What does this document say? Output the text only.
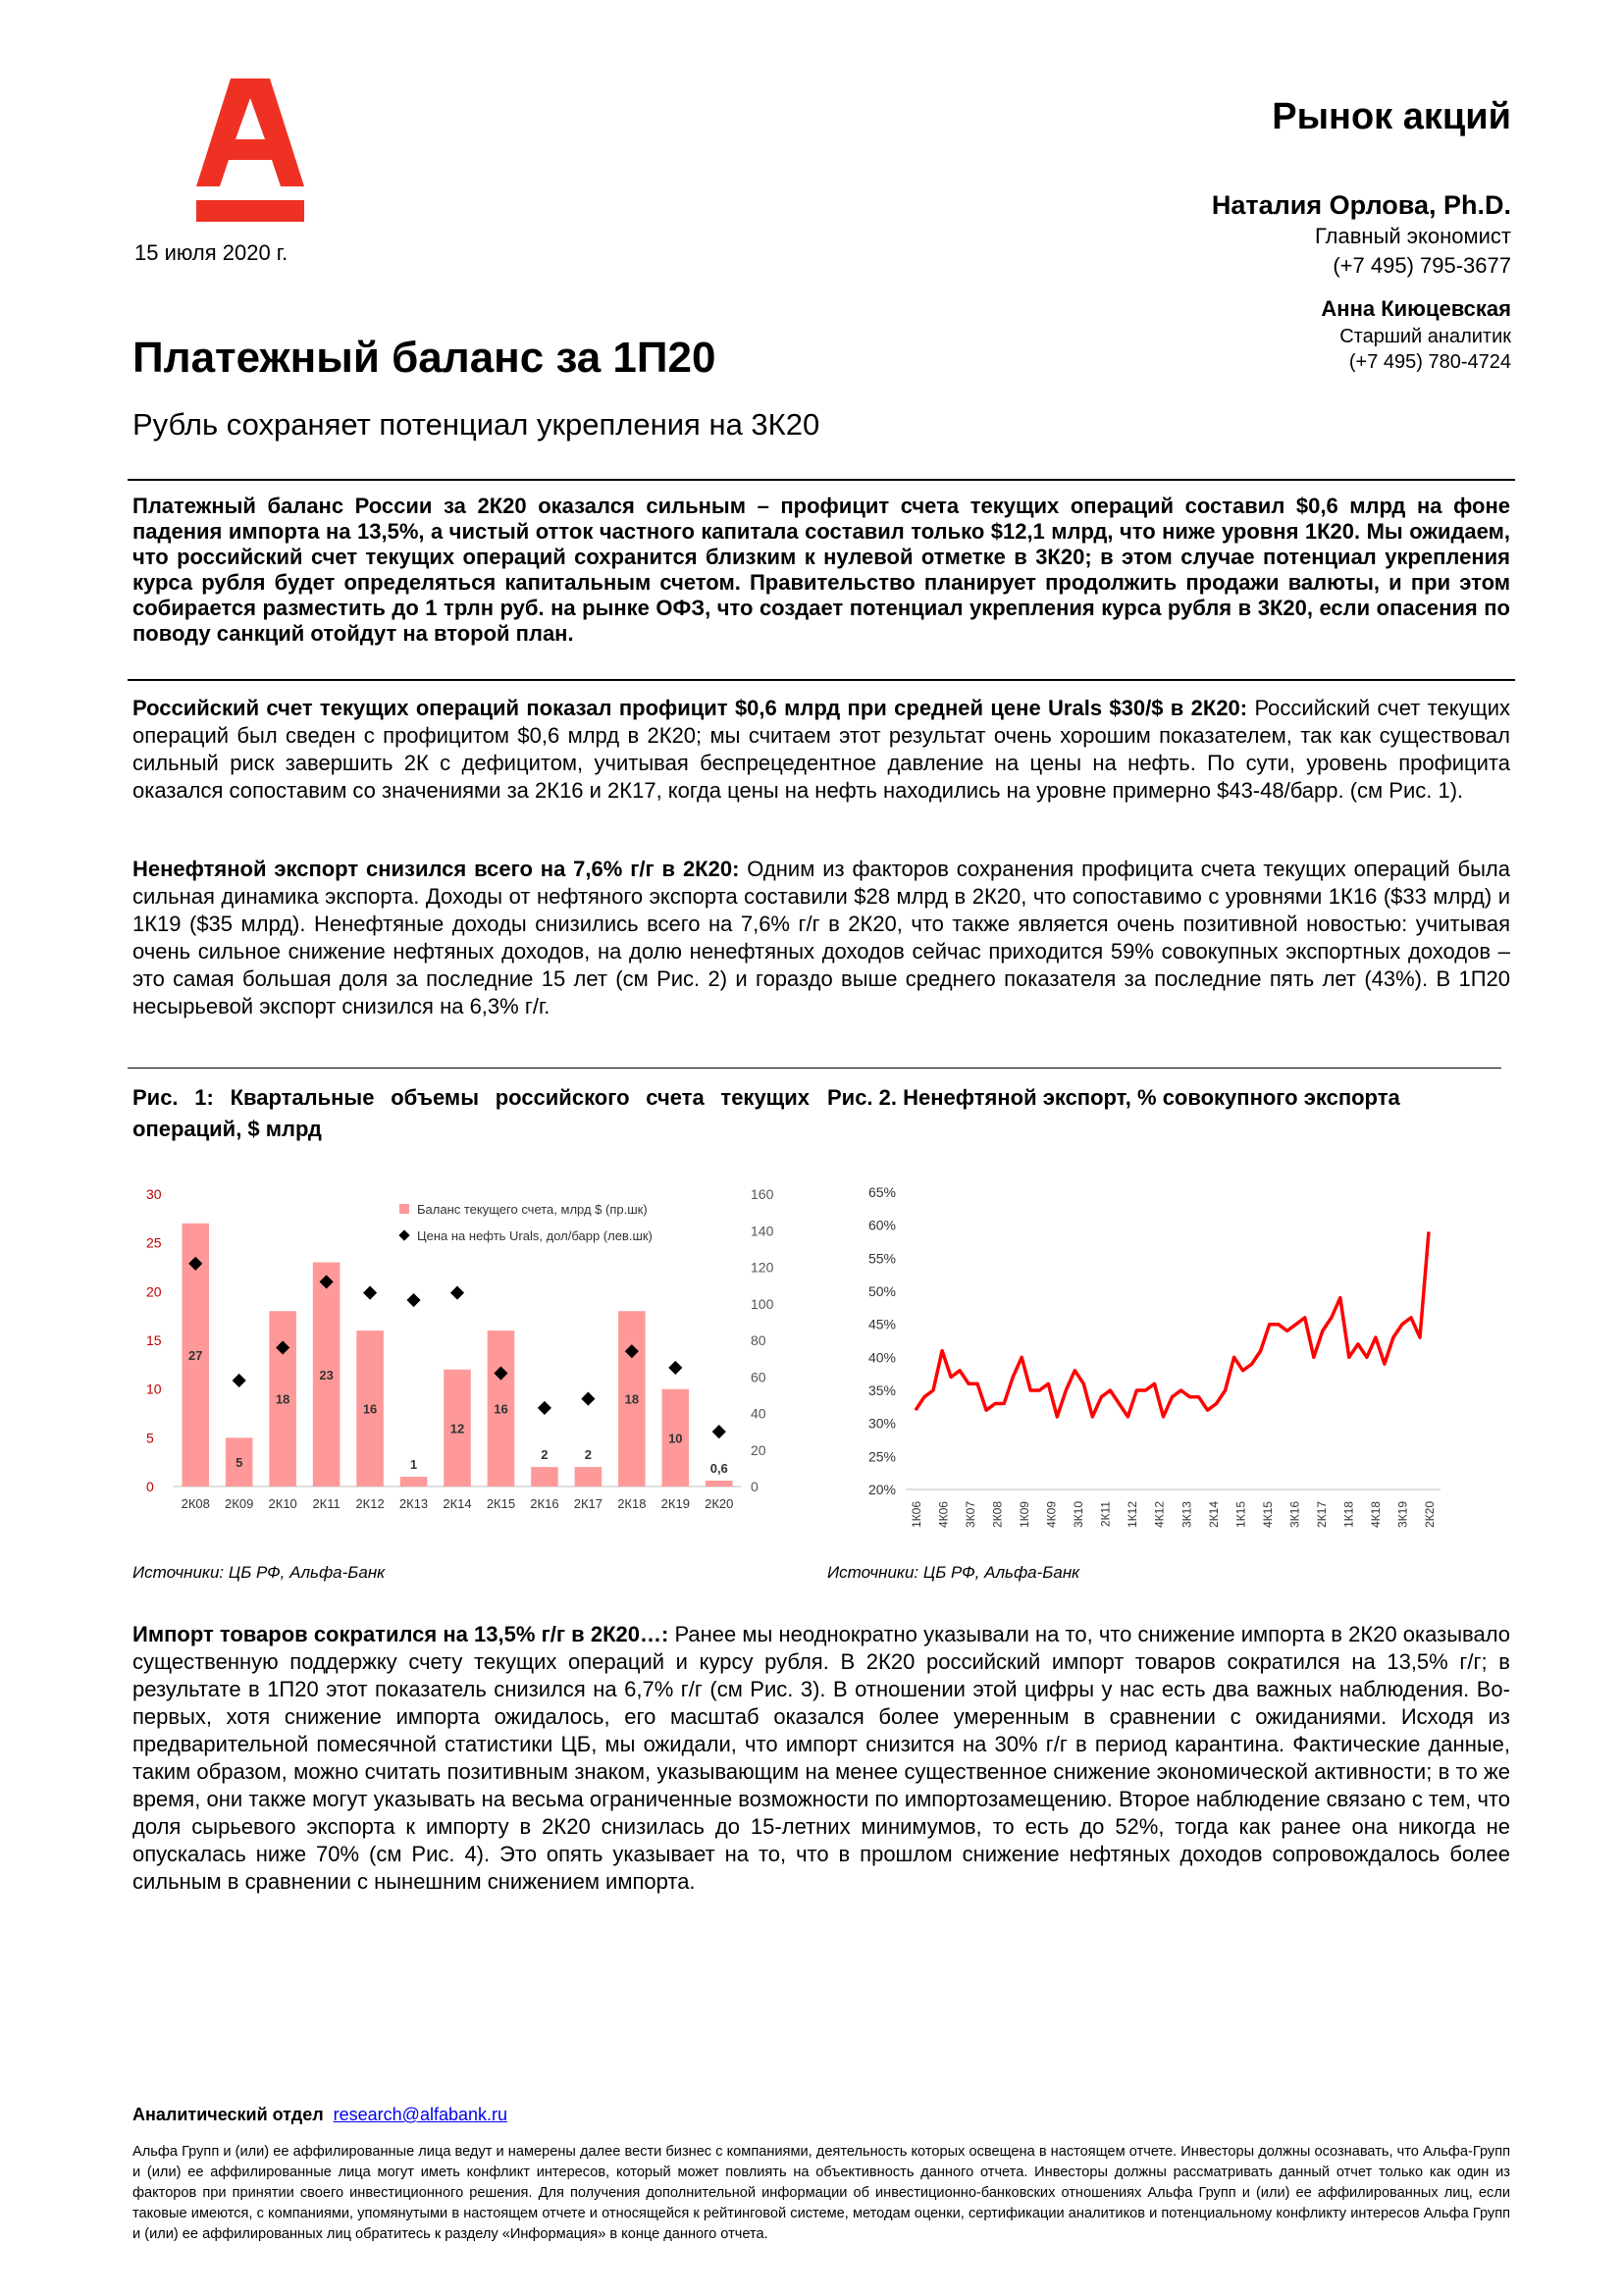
15 июля 2020 г.
Рынок акций
Наталия Орлова, Ph.D.
Главный экономист
(+7 495) 795-3677
Анна Киюцевская
Старший аналитик
(+7 495) 780-4724
Платежный баланс за 1П20
Рубль сохраняет потенциал укрепления на 3К20
Платежный баланс России за 2К20 оказался сильным – профицит счета текущих операций составил $0,6 млрд на фоне падения импорта на 13,5%, а чистый отток частного капитала составил только $12,1 млрд, что ниже уровня 1К20. Мы ожидаем, что российский счет текущих операций сохранится близким к нулевой отметке в 3К20; в этом случае потенциал укрепления курса рубля будет определяться капитальным счетом. Правительство планирует продолжить продажи валюты, и при этом собирается разместить до 1 трлн руб. на рынке ОФЗ, что создает потенциал укрепления курса рубля в 3К20, если опасения по поводу санкций отойдут на второй план.
Российский счет текущих операций показал профицит $0,6 млрд при средней цене Urals $30/$ в 2К20: Российский счет текущих операций был сведен с профицитом $0,6 млрд в 2К20; мы считаем этот результат очень хорошим показателем, так как существовал сильный риск завершить 2К с дефицитом, учитывая беспрецедентное давление на цены на нефть. По сути, уровень профицита оказался сопоставим со значениями за 2К16 и 2К17, когда цены на нефть находились на уровне примерно $43-48/барр. (см Рис. 1).
Ненефтяной экспорт снизился всего на 7,6% г/г в 2К20: Одним из факторов сохранения профицита счета текущих операций была сильная динамика экспорта. Доходы от нефтяного экспорта составили $28 млрд в 2К20, что сопоставимо с уровнями 1К16 ($33 млрд) и 1К19 ($35 млрд). Ненефтяные доходы снизились всего на 7,6% г/г в 2К20, что также является очень позитивной новостью: учитывая очень сильное снижение нефтяных доходов, на долю ненефтяных доходов сейчас приходится 59% совокупных экспортных доходов – это самая большая доля за последние 15 лет (см Рис. 2) и гораздо выше среднего показателя за последние пять лет (43%). В 1П20 несырьевой экспорт снизился на 6,3% г/г.
Рис. 1: Квартальные объемы российского счета текущих операций, $ млрд
Рис. 2. Ненефтяной экспорт, % совокупного экспорта
0
5
10
15
20
25
30
0
20
40
60
80
100
120
140
160
27
2К08
5
2К09
18
2К10
23
2К11
16
2К12
1
2К13
12
2К14
16
2К15
2
2К16
2
2К17
18
2К18
10
2К19
0,6
2К20
Баланс текущего счета, млрд $ (пр.шк)
Цена на нефть Urals, дол/барр (лев.шк)
20%
25%
30%
35%
40%
45%
50%
55%
60%
65%
1К06 4К06 3К07 2К08 1К09 4К09 3К10 2К11 1К12 4К12 3К13 2К14 1К15 4К15 3К16 2К17 1К18 4К18 3К19 2К20
Источники: ЦБ РФ, Альфа-Банк	Источники: ЦБ РФ, Альфа-Банк
Импорт товаров сократился на 13,5% г/г в 2К20…: Ранее мы неоднократно указывали на то, что снижение импорта в 2К20 оказывало существенную поддержку счету текущих операций и курсу рубля. В 2К20 российский импорт товаров сократился на 13,5% г/г; в результате в 1П20 этот показатель снизился на 6,7% г/г (см Рис. 3). В отношении этой цифры у нас есть два важных наблюдения. Во-первых, хотя снижение импорта ожидалось, его масштаб оказался более умеренным в сравнении с ожиданиями. Исходя из предварительной помесячной статистики ЦБ, мы ожидали, что импорт снизится на 30% г/г в период карантина. Фактические данные, таким образом, можно считать позитивным знаком, указывающим на менее существенное снижение экономической активности; в то же время, они также могут указывать на весьма ограниченные возможности по импортозамещению. Второе наблюдение связано с тем, что доля сырьевого экспорта к импорту в 2К20 снизилась до 15-летних минимумов, то есть до 52%, тогда как ранее она никогда не опускалась ниже 70% (см Рис. 4). Это опять указывает на то, что в прошлом снижение нефтяных доходов сопровождалось более сильным в сравнении с нынешним снижением импорта.
Аналитический отдел research@alfabank.ru
Альфа Групп и (или) ее аффилированные лица ведут и намерены далее вести бизнес с компаниями, деятельность которых освещена в настоящем отчете. Инвесторы должны осознавать, что Альфа-Групп и (или) ее аффилированные лица могут иметь конфликт интересов, который может повлиять на объективность данного отчета. Инвесторы должны рассматривать данный отчет только как один из факторов при принятии своего инвестиционного решения. Для получения дополнительной информации об инвестиционно-банковских отношениях Альфа Групп и (или) ее аффилированных лиц, если таковые имеются, с компаниями, упомянутыми в настоящем отчете и относящейся к рейтинговой системе, методам оценки, сертификации аналитиков и потенциальному конфликту интересов Альфа Групп и (или) ее аффилированных лиц обратитесь к разделу «Информация» в конце данного отчета.
